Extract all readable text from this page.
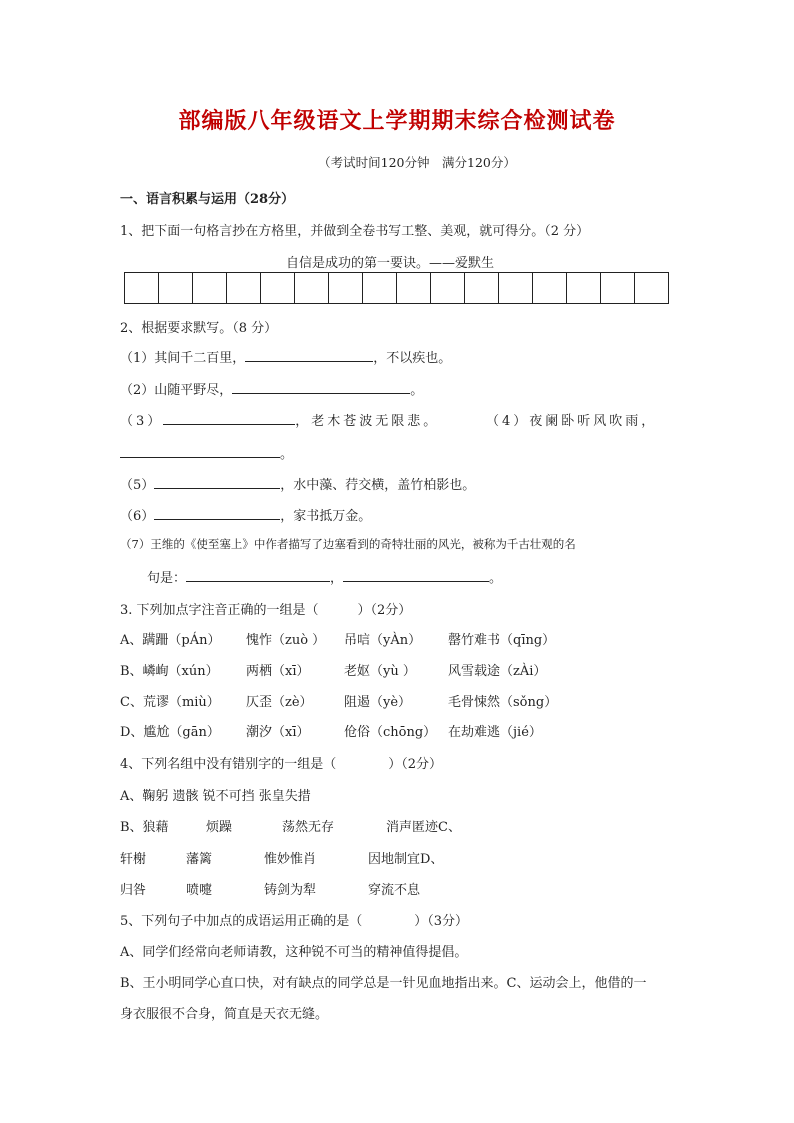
部编版八年级语文上学期期末综合检测试卷
（考试时间120分钟　满分120分）
一、语言积累与运用（28分）
1、把下面一句格言抄在方格里，并做到全卷书写工整、美观，就可得分。（2 分）
自信是成功的第一要诀。——爱默生
2、根据要求默写。（8 分）
（1）其间千二百里，	，不以疾也。
（2）山随平野尽，	。
（3）	，老木苍波无限悲。	（4）夜阑卧听风吹雨，
。
（5）	，水中藻、荇交横，盖竹柏影也。
（6）	，家书抵万金。
（7）王维的《使至塞上》中作者描写了边塞看到的奇特壮丽的风光，被称为千古壮观的名
句是：	，	。
3. 下列加点字注音正确的一组是（　　　）（2分）
A、蹒跚（pÁn） 愧怍（zuò ） 吊唁（yÀn） 罄竹难书（qīng）
B、嶙峋（xún） 两栖（xī）	老妪（yù ） 风雪载途（zÀi）
C、荒谬（miù） 仄歪（zè） 阻遏（yè）	毛骨悚然（sǒng）
D、尴尬（gān） 潮汐（xī）	伧俗（chōng） 在劫难逃（jié）
4、下列名组中没有错别字的一组是（　　　　）（2分）
A、鞠躬 遗骸 锐不可挡 张皇失措
B、狼藉	烦躁	荡然无存	消声匿迹C、
轩榭	藩篱	惟妙惟肖	因地制宜D、
归咎	喷嚏	铸剑为犁	穿流不息
5、下列句子中加点的成语运用正确的是（　　　　）（3分）
A、同学们经常向老师请教，这种锐不可当的精神值得提倡。
B、王小明同学心直口快，对有缺点的同学总是一针见血地指出来。C、运动会上，他借的一
身衣服很不合身，简直是天衣无缝。
